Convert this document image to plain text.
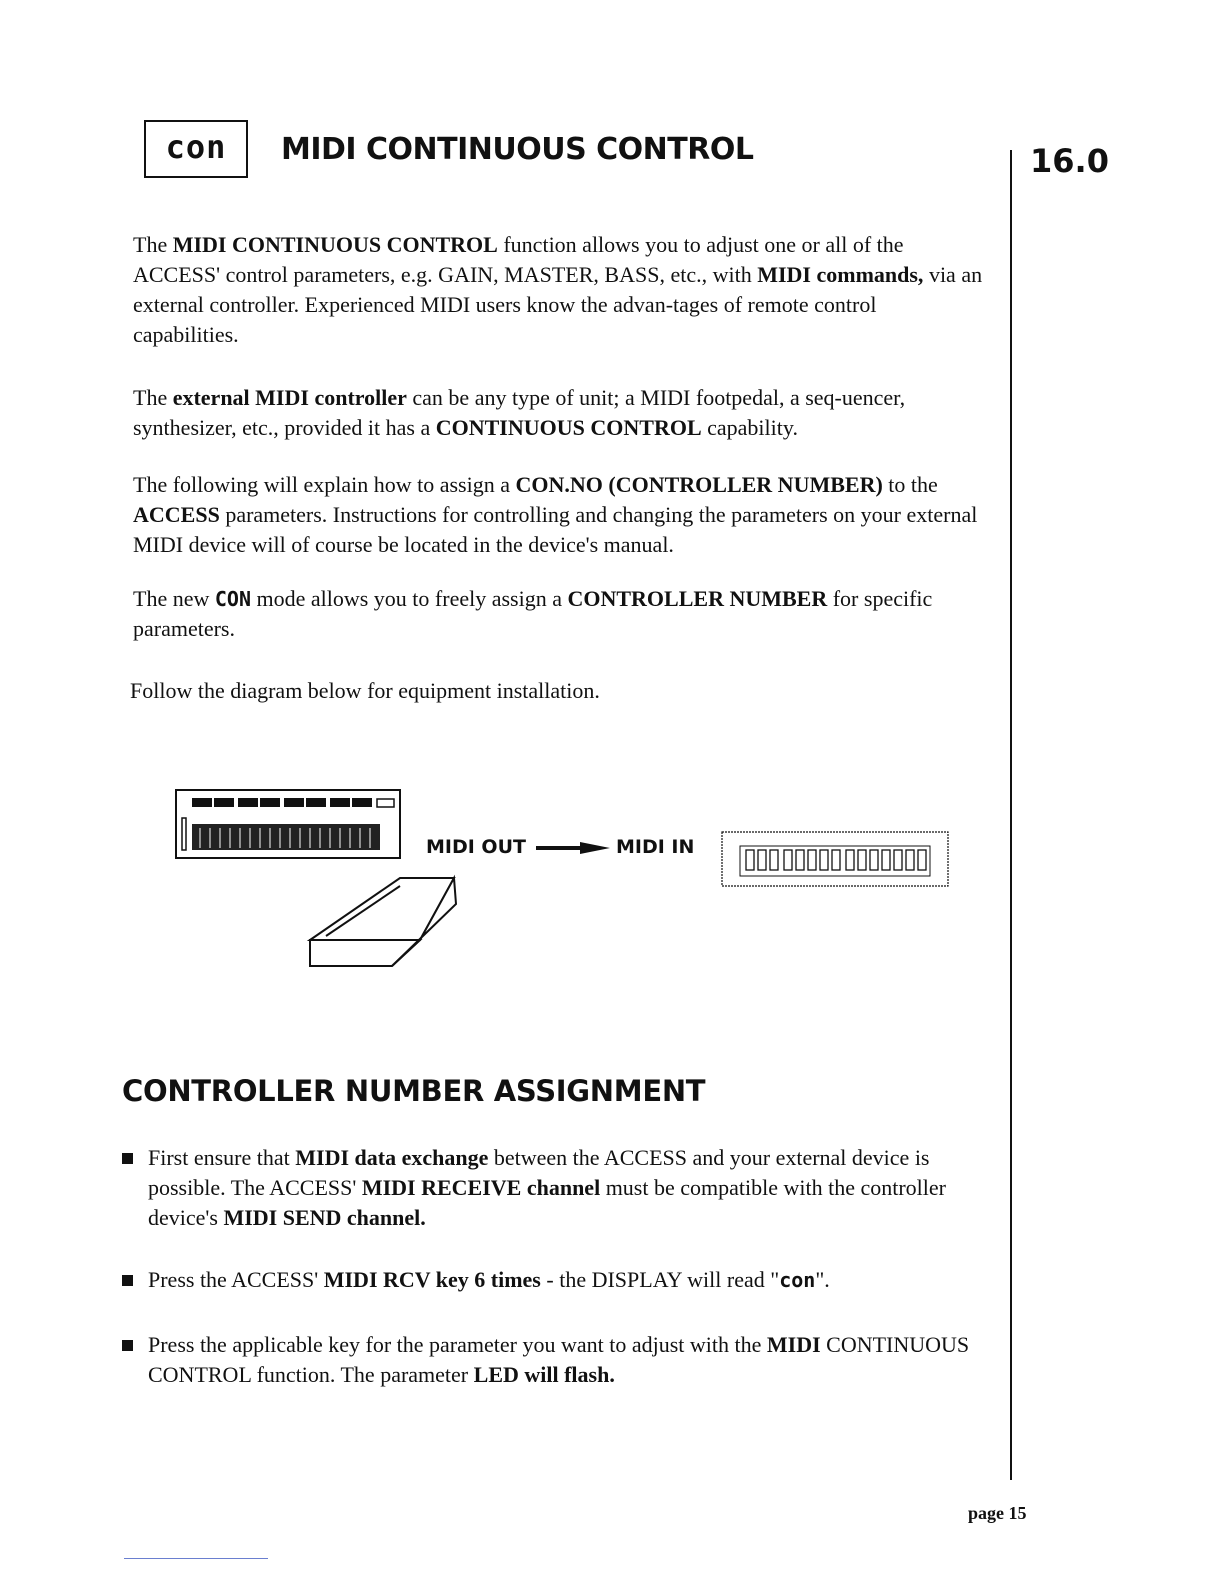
con	MIDI CONTINUOUS CONTROL	16.0
The MIDI CONTINUOUS CONTROL function allows you to adjust one or all of the ACCESS' control parameters, e.g. GAIN, MASTER, BASS, etc., with MIDI commands, via an external controller. Experienced MIDI users know the advan-tages of remote control capabilities.
The external MIDI controller can be any type of unit; a MIDI footpedal, a seq-uencer, synthesizer, etc., provided it has a CONTINUOUS CONTROL capability.
The following will explain how to assign a CON.NO (CONTROLLER NUMBER) to the ACCESS parameters. Instructions for controlling and changing the parameters on your external MIDI device will of course be located in the device's manual.
The new CON mode allows you to freely assign a CONTROLLER NUMBER for specific parameters.
Follow the diagram below for equipment installation.
MIDI OUT	MIDI IN
CONTROLLER NUMBER ASSIGNMENT
First ensure that MIDI data exchange between the ACCESS and your external device is possible. The ACCESS' MIDI RECEIVE channel must be compatible with the controller device's MIDI SEND channel.
Press the ACCESS' MIDI RCV key 6 times - the DISPLAY will read "con".
Press the applicable key for the parameter you want to adjust with the MIDI CONTINUOUS CONTROL function. The parameter LED will flash.
page 15
